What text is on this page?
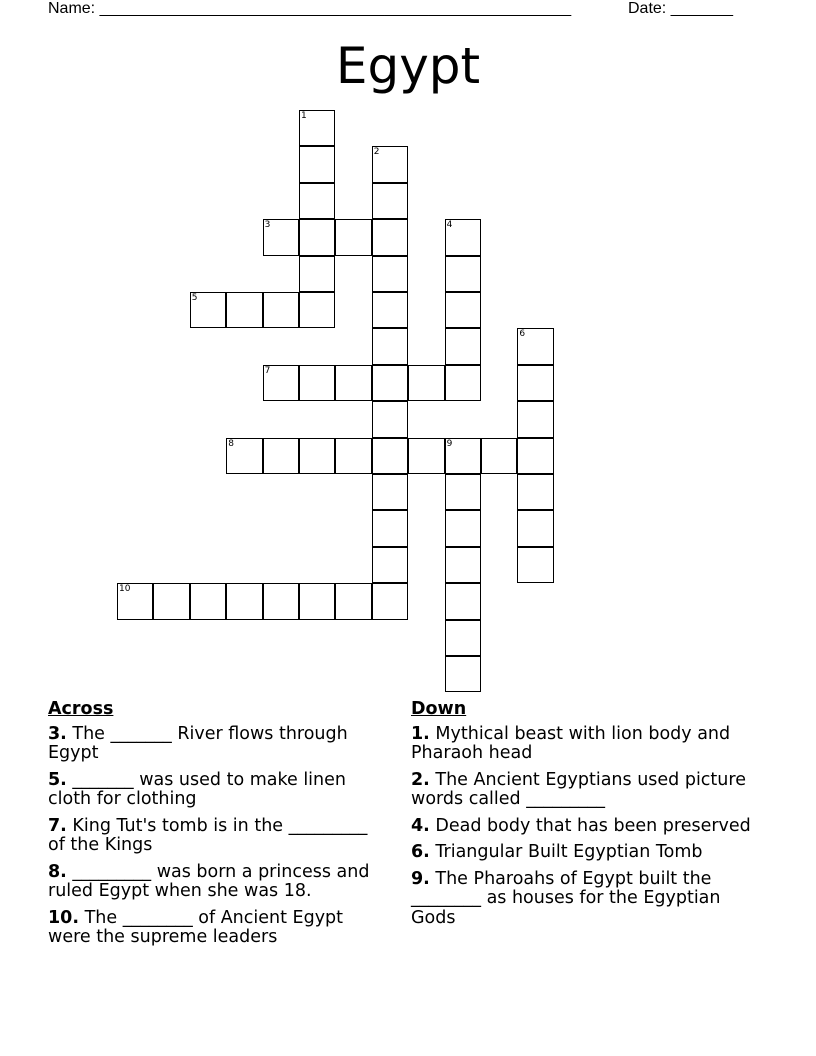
Name: _____________________________________________________	Date: _______
Egypt
1
2
3	4
5
6
7
8	9
10
Across
3. The _______ River flows through Egypt
5. _______ was used to make linen cloth for clothing
7. King Tut's tomb is in the _________ of the Kings
8. _________ was born a princess and ruled Egypt when she was 18.
10. The ________ of Ancient Egypt were the supreme leaders
Down
1. Mythical beast with lion body and Pharaoh head
2. The Ancient Egyptians used picture words called _________
4. Dead body that has been preserved
6. Triangular Built Egyptian Tomb
9. The Pharoahs of Egypt built the ________ as houses for the Egyptian Gods
